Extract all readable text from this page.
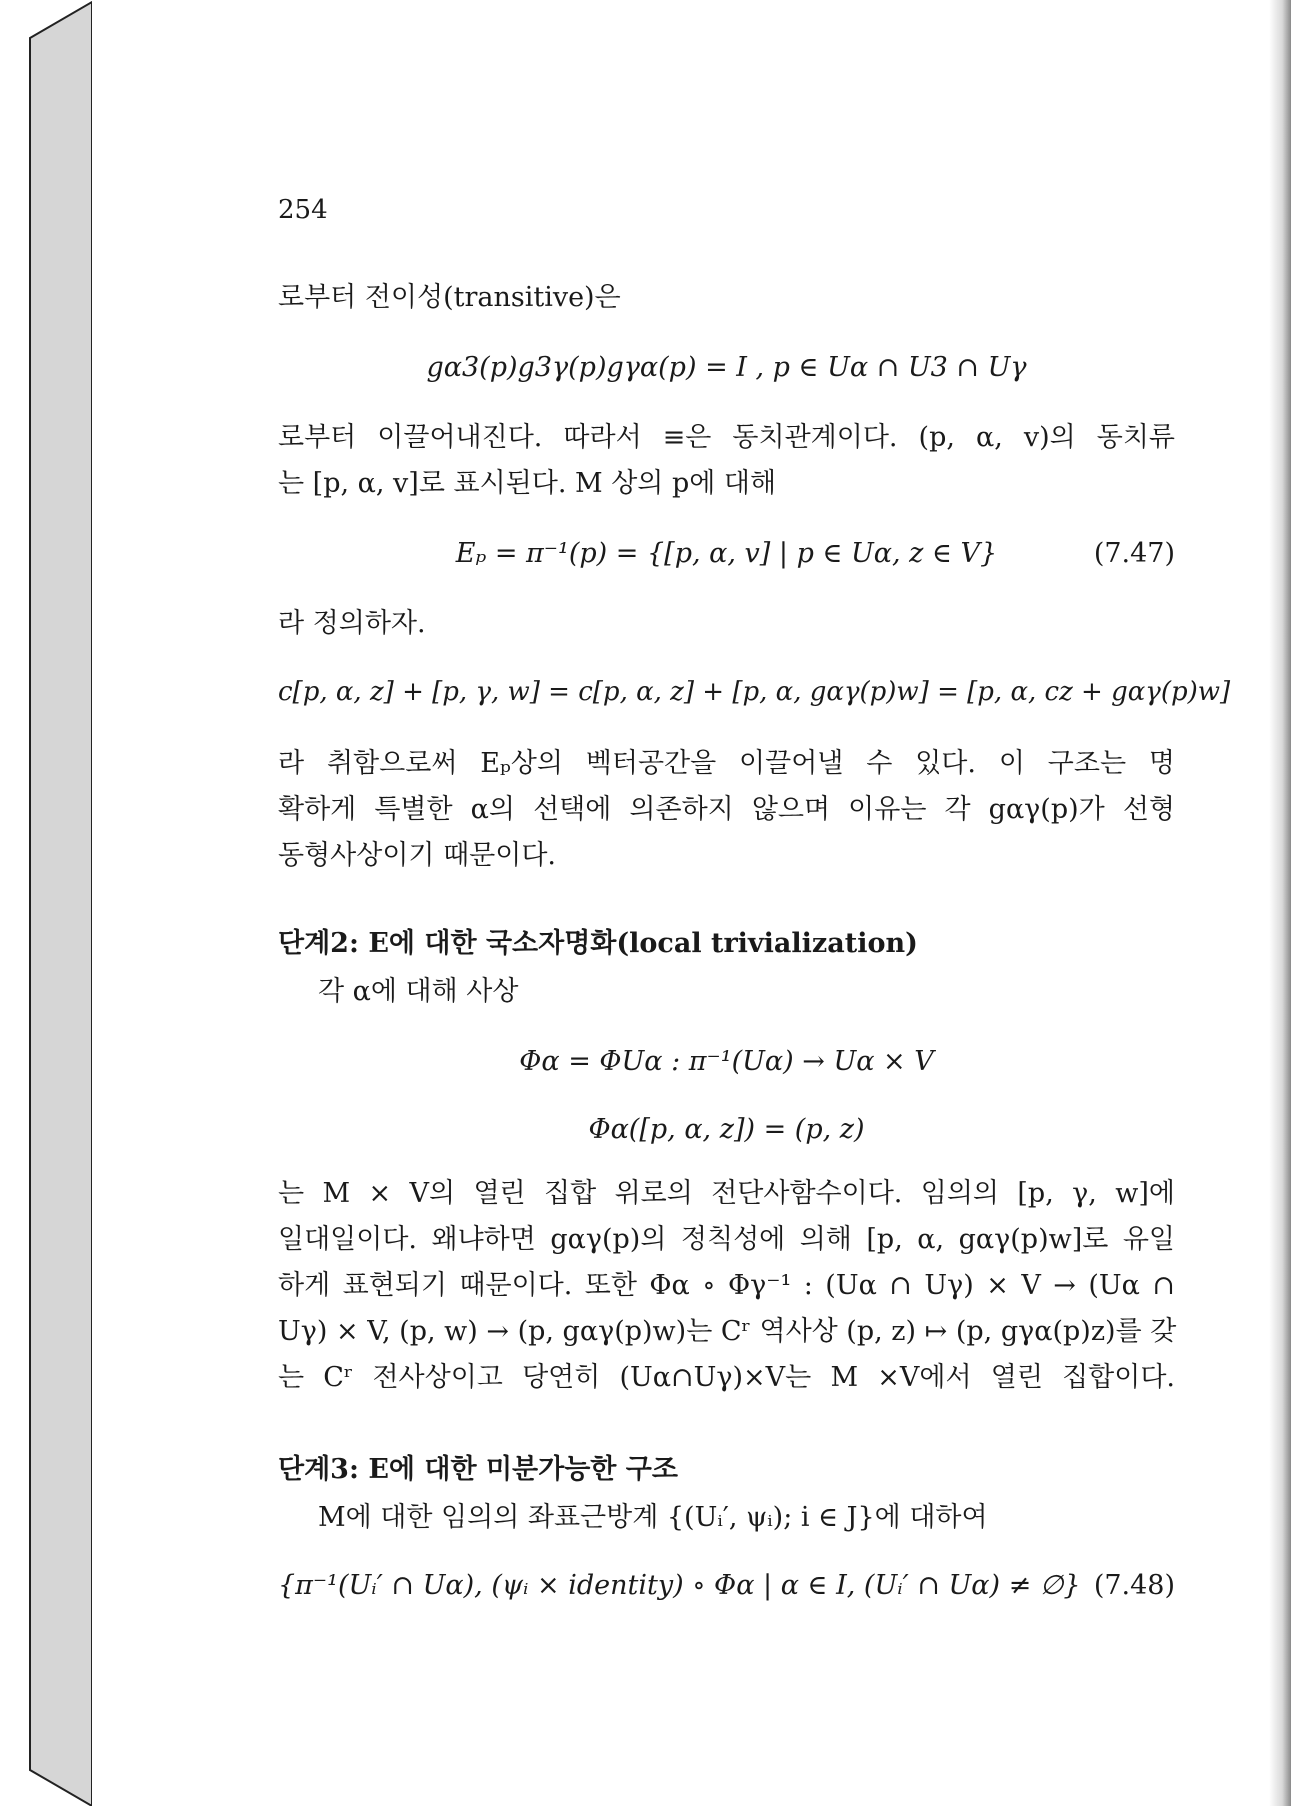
254
로부터 전이성(transitive)은
gα3(p)g3γ(p)gγα(p) = I , p ∈ Uα ∩ U3 ∩ Uγ
로부터 이끌어내진다. 따라서 ≡은 동치관계이다. (p, α, v)의 동치류
는 [p, α, v]로 표시된다. M 상의 p에 대해
Eₚ = π⁻¹(p) = {[p, α, v] | p ∈ Uα, z ∈ V}	(7.47)
라 정의하자.
c[p, α, z] + [p, γ, w] = c[p, α, z] + [p, α, gαγ(p)w] = [p, α, cz + gαγ(p)w]
라 취함으로써 Eₚ상의 벡터공간을 이끌어낼 수 있다. 이 구조는 명
확하게 특별한 α의 선택에 의존하지 않으며 이유는 각 gαγ(p)가 선형
동형사상이기 때문이다.
단계2: E에 대한 국소자명화(local trivialization)
각 α에 대해 사상
Φα = ΦUα : π⁻¹(Uα) → Uα × V
Φα([p, α, z]) = (p, z)
는 M × V의 열린 집합 위로의 전단사함수이다. 임의의 [p, γ, w]에
일대일이다. 왜냐하면 gαγ(p)의 정칙성에 의해 [p, α, gαγ(p)w]로 유일
하게 표현되기 때문이다. 또한 Φα ∘ Φγ⁻¹ : (Uα ∩ Uγ) × V → (Uα ∩
Uγ) × V, (p, w) → (p, gαγ(p)w)는 Cʳ 역사상 (p, z) ↦ (p, gγα(p)z)를 갖
는 Cʳ 전사상이고 당연히 (Uα∩Uγ)×V는 M ×V에서 열린 집합이다.
단계3: E에 대한 미분가능한 구조
M에 대한 임의의 좌표근방계 {(Uᵢ′, ψᵢ); i ∈ J}에 대하여
{π⁻¹(Uᵢ′ ∩ Uα), (ψᵢ × identity) ∘ Φα | α ∈ I, (Uᵢ′ ∩ Uα) ≠ ∅} (7.48)
